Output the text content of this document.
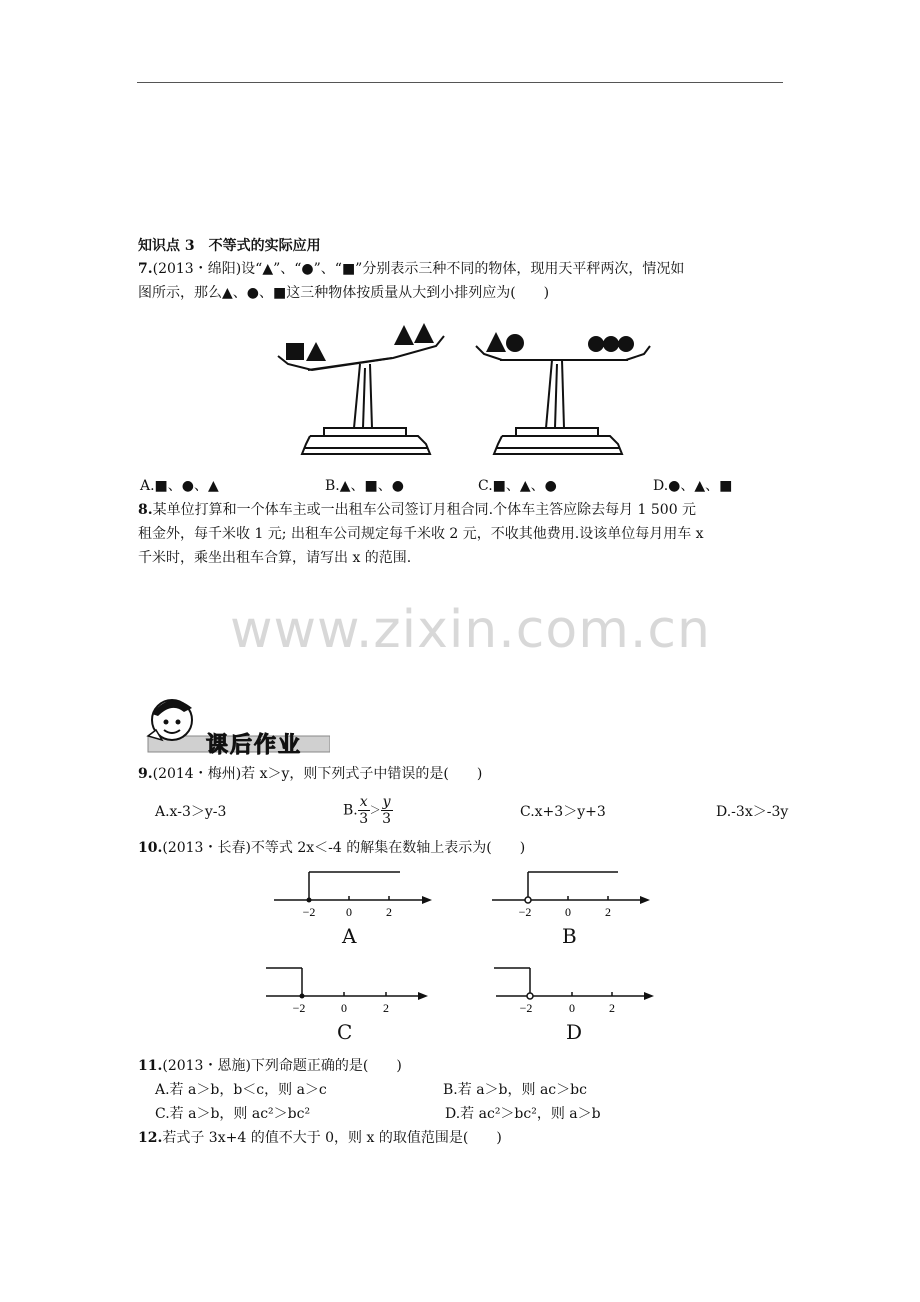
知识点 3　不等式的实际应用
7.(2013・绵阳)设“▲”、“●”、“■”分别表示三种不同的物体，现用天平秤两次，情况如
图所示，那么▲、●、■这三种物体按质量从大到小排列应为(　　)
A.■、●、▲	B.▲、■、●	C.■、▲、●	D.●、▲、■
8.某单位打算和一个体车主或一出租车公司签订月租合同.个体车主答应除去每月 1 500 元
租金外，每千米收 1 元; 出租车公司规定每千米收 2 元，不收其他费用.设该单位每月用车 x
千米时，乘坐出租车合算，请写出 x 的范围.
www.zixin.com.cn
课后作业
9.(2014・梅州)若 x＞y，则下列式子中错误的是(　　)
A.x-3＞y-3	B. $\frac{x}{3} > \frac{y}{3}$	C.x+3＞y+3	D.-3x＞-3y
10.(2013・长春)不等式 2x＜-4 的解集在数轴上表示为(　　)
−2	0	2
A
−2	0	2
B
−2	0	2
C
−2	0	2
D
11.(2013・恩施)下列命题正确的是(　　)
A.若 a＞b，b＜c，则 a＞c	B.若 a＞b，则 ac＞bc
C.若 a＞b，则 ac²＞bc²	D.若 ac²＞bc²，则 a＞b
12.若式子 3x+4 的值不大于 0，则 x 的取值范围是(　　)
